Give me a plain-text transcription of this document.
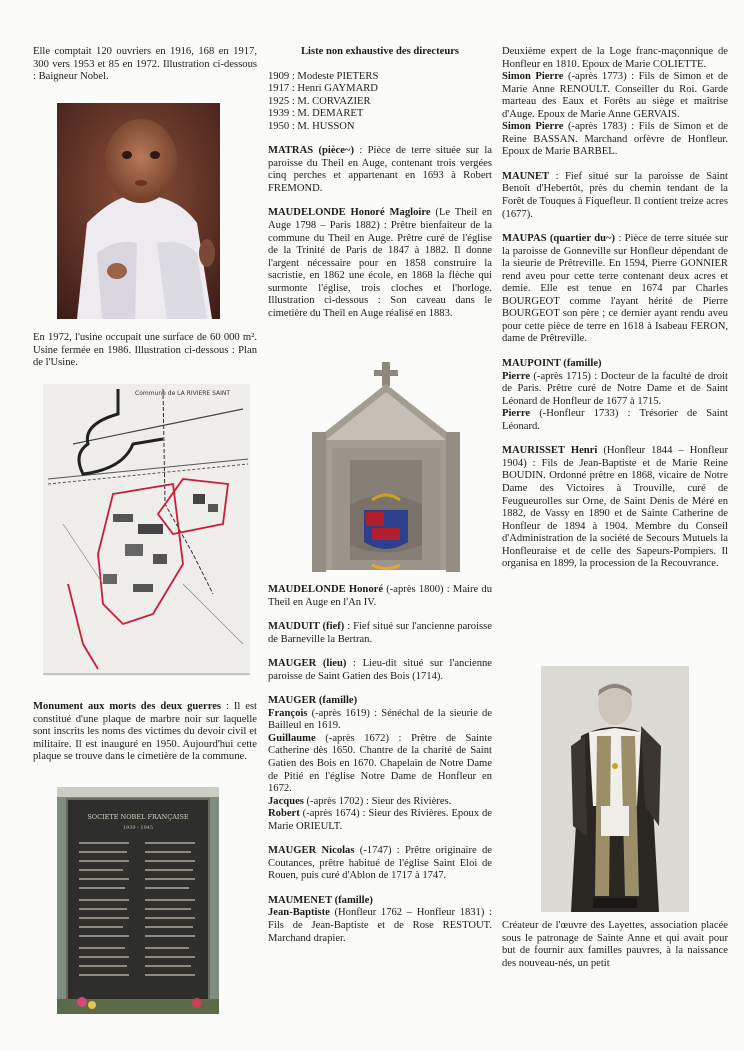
Elle comptait 120 ouvriers en 1916, 168 en 1917, 300 vers 1953 et 85 en 1972. Illustration ci-dessous : Baigneur Nobel.

En 1972, l'usine occupait une surface de 60 000 m². Usine fermée en 1986. Illustration ci-dessous : Plan de l'Usine.

Commune de LA RIVIERE SAINT

Monument aux morts des deux guerres : Il est constitué d'une plaque de marbre noir sur laquelle sont inscrits les noms des victimes du devoir civil et militaire. Il est inauguré en 1950. Aujourd'hui cette plaque se trouve dans le cimetière de la commune.

SOCIETE NOBEL FRANÇAISE
1939 - 1945

Liste non exhaustive des directeurs

1909 : Modeste PIETERS

1917 : Henri GAYMARD

1925 : M. CORVAZIER

1939 : M. DEMARET

1950 : M. HUSSON

MATRAS (pièce~) : Pièce de terre située sur la paroisse du Theil en Auge, contenant trois vergées cinq perches et appartenant en 1693 à Robert FREMOND.

MAUDELONDE Honoré Magloire (Le Theil en Auge 1798 – Paris 1882) : Prêtre bienfaiteur de la commune du Theil en Auge. Prêtre curé de l'église de la Trinité de Paris de 1847 à 1882. Il donne l'argent nécessaire pour en 1858 construire la sacristie, en 1862 une école, en 1868 la flèche qui surmonte l'église, trois cloches et l'horloge. Illustration ci-dessous : Son caveau dans le cimetière du Theil en Auge réalisé en 1883.

MAUDELONDE Honoré (-après 1800) : Maire du Theil en Auge en l'An IV.

MAUDUIT (fief) : Fief situé sur l'ancienne paroisse de Barneville la Bertran.

MAUGER (lieu) : Lieu-dit situé sur l'ancienne paroisse de Saint Gatien des Bois (1714).

MAUGER (famille)

François (-après 1619) : Sénéchal de la sieurie de Bailleul en 1619.

Guillaume (-après 1672) : Prêtre de Sainte Catherine dès 1650. Chantre de la charité de Saint Gatien des Bois en 1670. Chapelain de Notre Dame de Pitié en l'église Notre Dame de Honfleur en 1672.

Jacques (-après 1702) : Sieur des Rivières.

Robert (-après 1674) : Sieur des Rivières. Epoux de Marie ORIEULT.

MAUGER Nicolas (-1747) : Prêtre originaire de Coutances, prêtre habitué de l'église Saint Eloi de Rouen, puis curé d'Ablon de 1717 à 1747.

MAUMENET (famille)

Jean-Baptiste (Honfleur 1762 – Honfleur 1831) : Fils de Jean-Baptiste et de Rose RESTOUT. Marchand drapier.

Deuxième expert de la Loge franc-maçonnique de Honfleur en 1810. Epoux de Marie COLIETTE.

Simon Pierre (-après 1773) : Fils de Simon et de Marie Anne RENOULT. Conseiller du Roi. Garde marteau des Eaux et Forêts au siège et maîtrise d'Auge. Epoux de Marie Anne GERVAIS.

Simon Pierre (-après 1783) : Fils de Simon et de Reine BASSAN. Marchand orfèvre de Honfleur. Epoux de Marie BARBEL.

MAUNET : Fief situé sur la paroisse de Saint Benoît d'Hebertôt, près du chemin tendant de la Forêt de Touques à Fiquefleur. Il contient treize acres (1677).

MAUPAS (quartier du~) : Pièce de terre située sur la paroisse de Gonneville sur Honfleur dépendant de la sieurie de Prêtreville. En 1594, Pierre GONNIER rend aveu pour cette terre contenant deux acres et demie. Elle est tenue en 1674 par Charles BOURGEOT comme l'ayant hérité de Pierre BOURGEOT son père ; ce dernier ayant rendu aveu pour cette pièce de terre en 1618 à Isabeau FERON, dame de Prêtreville.

MAUPOINT (famille)

Pierre (-après 1715) : Docteur de la faculté de droit de Paris. Prêtre curé de Notre Dame et de Saint Léonard de Honfleur de 1677 à 1715.

Pierre (-Honfleur 1733) : Trésorier de Saint Léonard.

MAURISSET Henri (Honfleur 1844 – Honfleur 1904) : Fils de Jean-Baptiste et de Marie Reine BOUDIN. Ordonné prêtre en 1868, vicaire de Notre Dame des Victoires à Trouville, curé de Feugueurolles sur Orne, de Saint Denis de Méré en 1882, de Vassy en 1890 et de Sainte Catherine de Honfleur de 1894 à 1904. Membre du Conseil d'Administration de la société de Secours Mutuels la Honfleuraise et de celle des Sapeurs-Pompiers. Il organisa en 1899, la procession de la Recouvrance.

Créateur de l'œuvre des Layettes, association placée sous le patronage de Sainte Anne et qui avait pour but de fournir aux familles pauvres, à la naissance des nouveau-nés, un petit
